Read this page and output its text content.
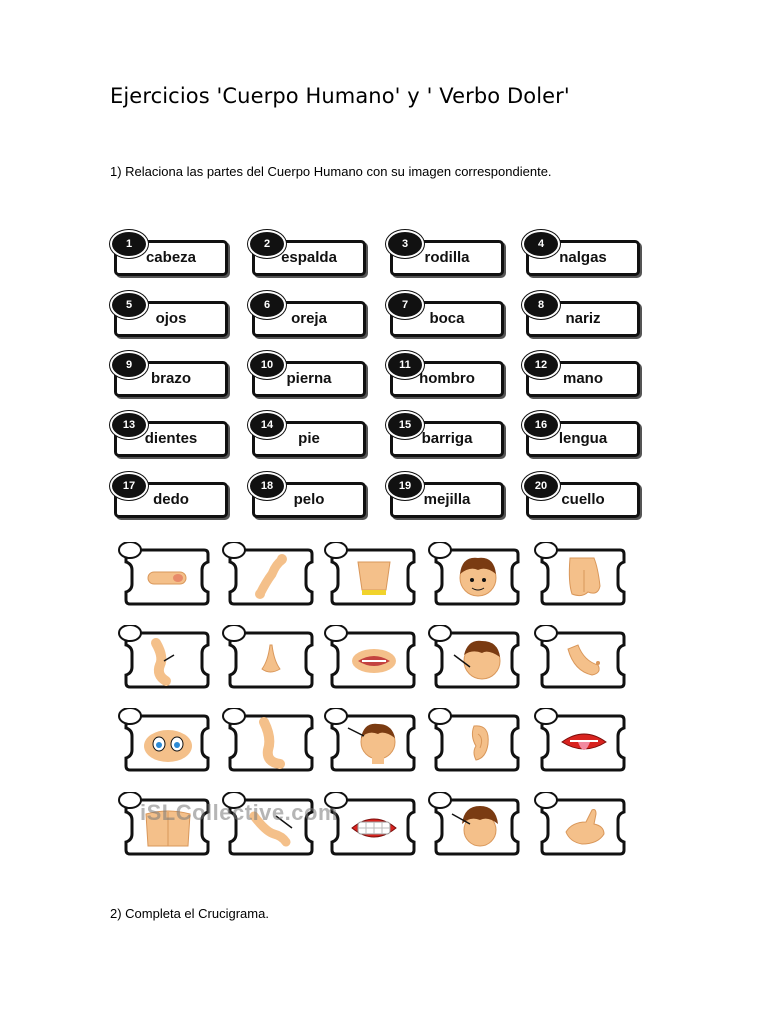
Ejercicios 'Cuerpo Humano' y ' Verbo Doler'
1) Relaciona las partes del Cuerpo Humano con su imagen correspondiente.
cabeza
1
espalda
2
rodilla
3
nalgas
4
ojos
5
oreja
6
boca
7
nariz
8
brazo
9
pierna
10
hombro
11
mano
12
dientes
13
pie
14
barriga
15
lengua
16
dedo
17
pelo
18
mejilla
19
cuello
20
iSLCollective.com
2) Completa el Crucigrama.
